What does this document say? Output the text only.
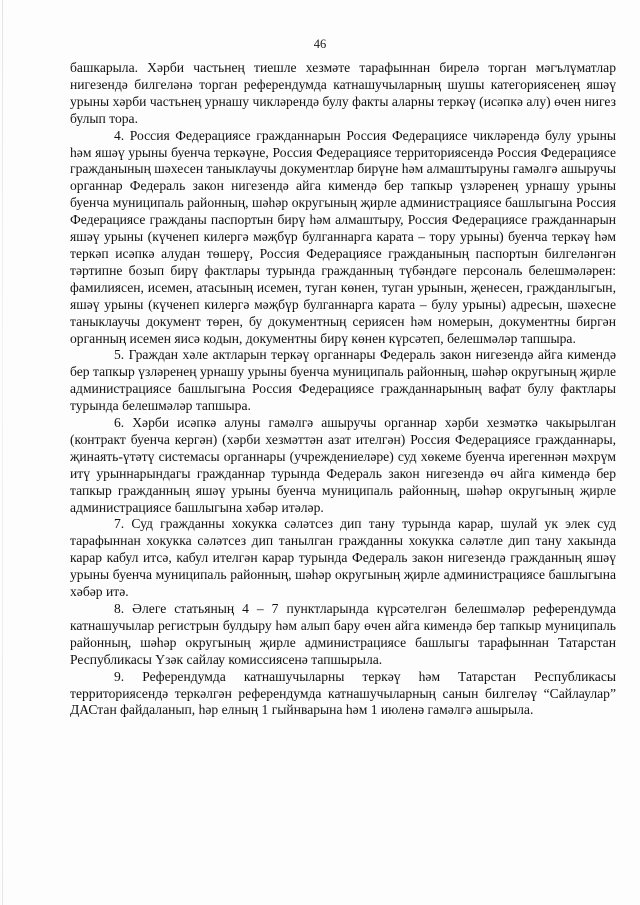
46

башкарыла. Хәрби частьнең тиешле хезмәте тарафыннан бирелә торган мәгълүматлар нигезендә билгеләнә торган референдумда катнашучыларның шушы категориясенең яшәү урыны хәрби частьнең урнашу чикләрендә булу факты аларны теркәү (исәпкә алу) өчен нигез булып тора.

4. Россия Федерациясе гражданнарын Россия Федерациясе чикләрендә булу урыны һәм яшәү урыны буенча теркәүне, Россия Федерациясе территориясендә Россия Федерациясе гражданының шәхесен таныклаучы документлар бирүне һәм алмаштыруны гамәлгә ашыручы органнар Федераль закон нигезендә айга кимендә бер тапкыр үзләренең урнашу урыны буенча муниципаль районның, шәһәр округының җирле администрациясе башлыгына Россия Федерациясе гражданы паспортын бирү һәм алмаштыру, Россия Федерациясе гражданнарын яшәү урыны (күченеп килергә мәҗбүр булганнарга карата – тору урыны) буенча теркәү һәм теркәп исәпкә алудан төшерү, Россия Федерациясе гражданының паспортын билгеләнгән тәртипне бозып бирү фактлары турында гражданның түбәндәге персональ белешмәләрен: фамилиясен, исемен, атасының исемен, туган көнен, туган урынын, җенесен, гражданлыгын, яшәү урыны (күченеп килергә мәҗбүр булганнарга карата – булу урыны) адресын, шәхесне таныклаучы документ төрен, бу документның сериясен һәм номерын, документны биргән органның исемен яисә кодын, документны бирү көнен күрсәтеп, белешмәләр тапшыра.

5. Граждан хәле актларын теркәү органнары Федераль закон нигезендә айга кимендә бер тапкыр үзләренең урнашу урыны буенча муниципаль районның, шәһәр округының җирле администрациясе башлыгына Россия Федерациясе гражданнарының вафат булу фактлары турында белешмәләр тапшыра.

6. Хәрби исәпкә алуны гамәлгә ашыручы органнар хәрби хезмәткә чакырылган (контракт буенча кергән) (хәрби хезмәттән азат ителгән) Россия Федерациясе гражданнары, җинаять-үтәтү системасы органнары (учреждениеләре) суд хөкеме буенча ирегеннән мәхрүм итү урыннарындагы гражданнар турында Федераль закон нигезендә өч айга кимендә бер тапкыр гражданның яшәү урыны буенча муниципаль районның, шәһәр округының җирле администрациясе башлыгына хәбәр итәләр.

7. Суд гражданны хокукка сәләтсез дип тану турында карар, шулай ук элек суд тарафыннан хокукка сәләтсез дип танылган гражданны хокукка сәләтле дип тану хакында карар кабул итсә, кабул ителгән карар турында Федераль закон нигезендә гражданның яшәү урыны буенча муниципаль районның, шәһәр округының җирле администрациясе башлыгына хәбәр итә.

8. Әлеге статьяның 4 – 7 пунктларында күрсәтелгән белешмәләр референдумда катнашучылар регистрын булдыру һәм алып бару өчен айга кимендә бер тапкыр муниципаль районның, шәһәр округының җирле администрациясе башлыгы тарафыннан Татарстан Республикасы Үзәк сайлау комиссиясенә тапшырыла.

9. Референдумда катнашучыларны теркәү һәм Татарстан Республикасы территориясендә теркәлгән референдумда катнашучыларның санын билгеләү “Сайлаулар” ДАСтан файдаланып, һәр елның 1 гыйнварына һәм 1 июленә гамәлгә ашырыла.
